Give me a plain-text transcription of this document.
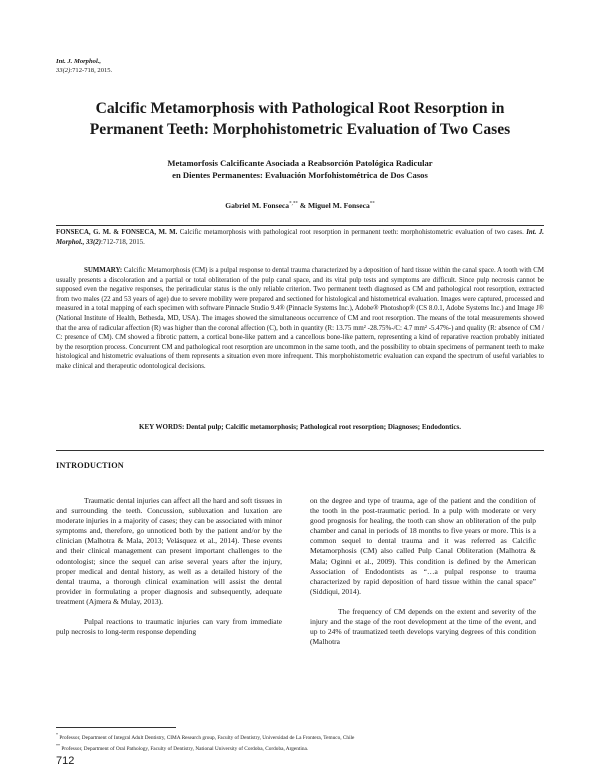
Int. J. Morphol.,
33(2):712-718, 2015.
Calcific Metamorphosis with Pathological Root Resorption in
Permanent Teeth: Morphohistometric Evaluation of Two Cases
Metamorfosis Calcificante Asociada a Reabsorción Patológica Radicular
en Dientes Permanentes: Evaluación Morfohistométrica de Dos Casos
Gabriel M. Fonseca*,** & Miguel M. Fonseca**
FONSECA, G. M. & FONSECA, M. M. Calcific metamorphosis with pathological root resorption in permanent teeth: morphohistometric evaluation of two cases. Int. J. Morphol., 33(2):712-718, 2015.

SUMMARY: Calcific Metamorphosis (CM) is a pulpal response to dental trauma characterized by a deposition of hard tissue within the canal space. A tooth with CM usually presents a discoloration and a partial or total obliteration of the pulp canal space, and its vital pulp tests and symptoms are difficult. Since pulp necrosis cannot be supposed even the negative responses, the periradicular status is the only reliable criterion. Two permanent teeth diagnosed as CM and pathological root resorption, extracted from two males (22 and 53 years of age) due to severe mobility were prepared and sectioned for histological and histometrical evaluation. Images were captured, processed and measured in a total mapping of each specimen with software Pinnacle Studio 9.4® (Pinnacle Systems Inc.), Adobe® Photoshop® (CS 8.0.1, Adobe Systems Inc.) and Image J® (National Institute of Health, Bethesda, MD, USA). The images showed the simultaneous occurrence of CM and root resorption. The means of the total measurements showed that the area of radicular affection (R) was higher than the coronal affection (C), both in quantity (R: 13.75 mm² -28.75%-/C: 4.7 mm² -5.47%-) and quality (R: absence of CM / C: presence of CM). CM showed a fibrotic pattern, a cortical bone-like pattern and a cancellous bone-like pattern, representing a kind of reparative reaction probably initiated by the resorption process. Concurrent CM and pathological root resorption are uncommon in the same tooth, and the possibility to obtain specimens of permanent teeth to make histological and histometric evaluations of them represents a situation even more infrequent. This morphohistometric evaluation can expand the spectrum of useful variables to make clinical and therapeutic odontological decisions.

KEY WORDS: Dental pulp; Calcific metamorphosis; Pathological root resorption; Diagnoses; Endodontics.
INTRODUCTION

Traumatic dental injuries can affect all the hard and soft tissues in and surrounding the teeth. Concussion, subluxation and luxation are moderate injuries in a majority of cases; they can be associated with minor symptoms and, therefore, go unnoticed both by the patient and/or by the clinician (Malhotra & Mala, 2013; Velásquez et al., 2014). These events and their clinical management can present important challenges to the odontologist; since the sequel can arise several years after the injury, proper medical and dental history, as well as a detailed history of the dental trauma, a thorough clinical examination will assist the dental provider in formulating a proper diagnosis and subsequently, adequate treatment (Ajmera & Mulay, 2013).

Pulpal reactions to traumatic injuries can vary from immediate pulp necrosis to long-term response depending

on the degree and type of trauma, age of the patient and the condition of the tooth in the post-traumatic period. In a pulp with moderate or very good prognosis for healing, the tooth can show an obliteration of the pulp chamber and canal in periods of 18 months to five years or more. This is a common sequel to dental trauma and it was referred as Calcific Metamorphosis (CM) also called Pulp Canal Obliteration (Malhotra & Mala; Oginni et al., 2009). This condition is defined by the American Association of Endodontists as “…a pulpal response to trauma characterized by rapid deposition of hard tissue within the canal space” (Siddiqui, 2014).

The frequency of CM depends on the extent and severity of the injury and the stage of the root development at the time of the event, and up to 24% of traumatized teeth develops varying degrees of this condition (Malhotra

* Professor, Department of Integral Adult Dentistry, CIMA Research group, Faculty of Dentistry, Universidad de La Frontera, Temuco, Chile
** Professor, Department of Oral Pathology, Faculty of Dentistry, National University of Cordoba, Cordoba, Argentina.
712
